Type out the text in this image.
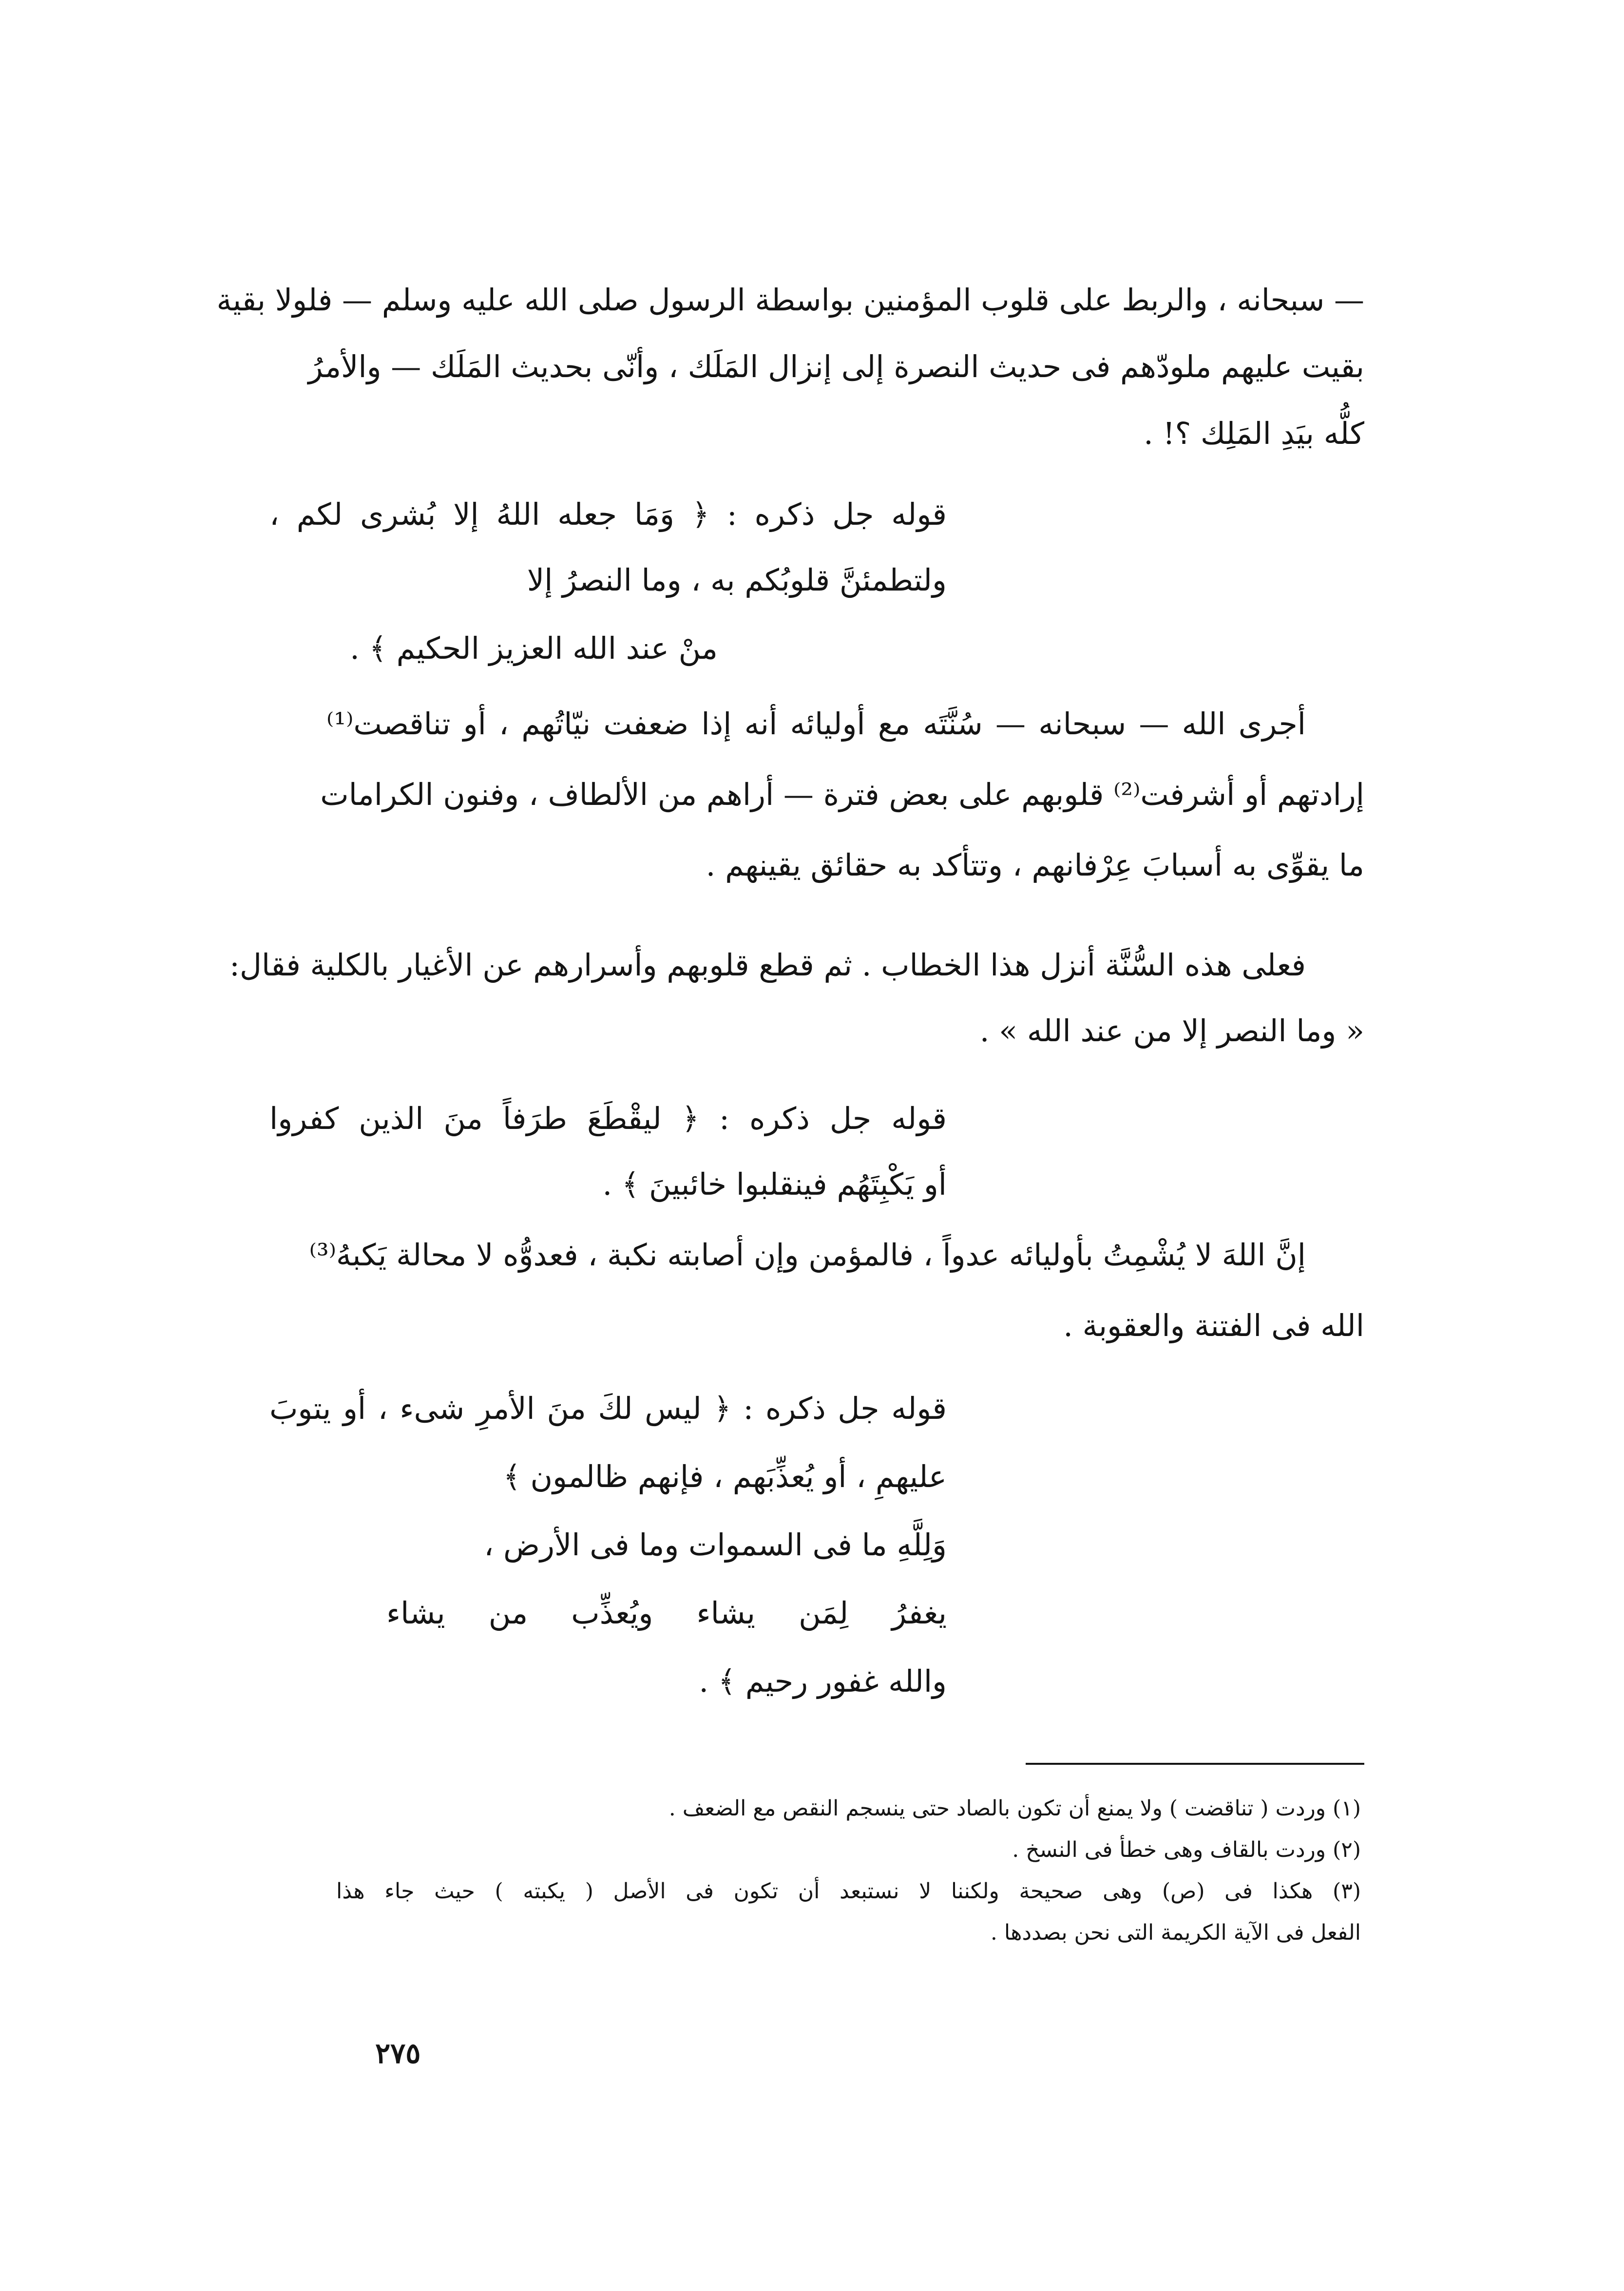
— سبحانه ، والربط على قلوب المؤمنين بواسطة الرسول صلى الله عليه وسلم — فلولا بقية
بقيت عليهم ملودّهم فى حديث النصرة إلى إنزال المَلَك ، وأنّى بحديث المَلَك — والأمرُ
كلُّه بيَدِ المَلِك ؟! .
قوله جل ذكره : ﴿ وَمَا جعله اللهُ إلا بُشرى لكم ،
ولتطمئنَّ قلوبُكم به ، وما النصرُ إلا
منْ عند الله العزيز الحكيم ﴾ .
أجرى الله — سبحانه — سُنَّتَه مع أوليائه أنه إذا ضعفت نيّاتُهم ، أو تناقصت⁽¹⁾
إرادتهم أو أشرفت⁽²⁾ قلوبهم على بعض فترة — أراهم من الألطاف ، وفنون الكرامات
ما يقوِّى به أسبابَ عِرْفانهم ، وتتأكد به حقائق يقينهم .
فعلى هذه السُّنَّة أنزل هذا الخطاب . ثم قطع قلوبهم وأسرارهم عن الأغيار بالكلية فقال:
« وما النصر إلا من عند الله » .
قوله جل ذكره : ﴿ ليقْطَعَ طرَفاً منَ الذين كفروا
أو يَكْبِتَهُم فينقلبوا خائبينَ ﴾ .
إنَّ اللهَ لا يُشْمِتُ بأوليائه عدواً ، فالمؤمن وإن أصابته نكبة ، فعدوُّه لا محالة يَكبهُ⁽³⁾
الله فى الفتنة والعقوبة .
قوله جل ذكره : ﴿ ليس لكَ منَ الأمرِ شىء ، أو يتوبَ
عليهمِ ، أو يُعذِّبَهم ، فإنهم ظالمون ﴾
وَلِلَّهِ ما فى السموات وما فى الأرض ،
يغفرُ لِمَن يشاء ويُعذِّب من يشاء
والله غفور رحيم ﴾ .
(١) وردت ( تناقضت ) ولا يمنع أن تكون بالصاد حتى ينسجم النقص مع الضعف .
(٢) وردت بالقاف وهى خطأ فى النسخ .
(٣) هكذا فى (ص) وهى صحيحة ولكننا لا نستبعد أن تكون فى الأصل ( يكبته ) حيث جاء هذا
الفعل فى الآية الكريمة التى نحن بصددها .
٢٧٥
